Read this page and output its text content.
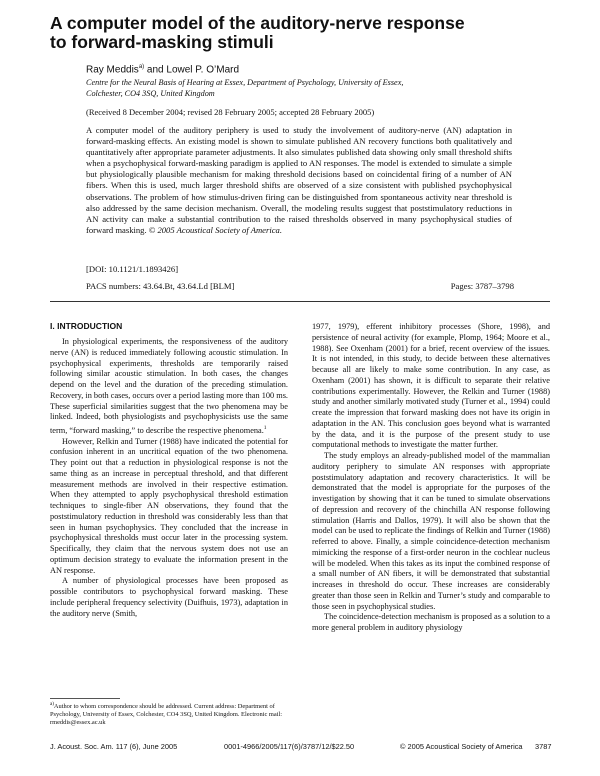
A computer model of the auditory-nerve response
to forward-masking stimuli
Ray Meddis$^{a)}$ and Lowel P. O’Mard
Centre for the Neural Basis of Hearing at Essex, Department of Psychology, University of Essex,
Colchester, CO4 3SQ, United Kingdom
(Received 8 December 2004; revised 28 February 2005; accepted 28 February 2005)
A computer model of the auditory periphery is used to study the involvement of auditory-nerve (AN) adaptation in forward-masking effects. An existing model is shown to simulate published AN recovery functions both qualitatively and quantitatively after appropriate parameter adjustments. It also simulates published data showing only small threshold shifts when a psychophysical forward-masking paradigm is applied to AN responses. The model is extended to simulate a simple but physiologically plausible mechanism for making threshold decisions based on coincidental firing of a number of AN fibers. When this is used, much larger threshold shifts are observed of a size consistent with published psychophysical observations. The problem of how stimulus-driven firing can be distinguished from spontaneous activity near threshold is also addressed by the same decision mechanism. Overall, the modeling results suggest that poststimulatory reductions in AN activity can make a substantial contribution to the raised thresholds observed in many psychophysical studies of forward masking. © 2005 Acoustical Society of America.
[DOI: 10.1121/1.1893426]
PACS numbers: 43.64.Bt, 43.64.Ld [BLM]	Pages: 3787–3798
I. INTRODUCTION

In physiological experiments, the responsiveness of the auditory nerve (AN) is reduced immediately following acoustic stimulation. In psychophysical experiments, thresholds are temporarily raised following similar acoustic stimulation. In both cases, the changes depend on the level and the duration of the preceding stimulation. Recovery, in both cases, occurs over a period lasting more than 100 ms. These superficial similarities suggest that the two phenomena may be linked. Indeed, both physiologists and psychophysicists use the same term, “forward masking,” to describe the respective phenomena.$^1$

However, Relkin and Turner (1988) have indicated the potential for confusion inherent in an uncritical equation of the two phenomena. They point out that a reduction in physiological response is not the same thing as an increase in perceptual threshold, and that different measurement methods are involved in their respective estimation. When they attempted to apply psychophysical threshold estimation techniques to single-fiber AN observations, they found that the poststimulatory reduction in threshold was considerably less than that seen in human psychophysics. They concluded that the increase in psychophysical thresholds must occur later in the processing system. Specifically, they claim that the nervous system does not use an optimum decision strategy to evaluate the information present in the AN response.

A number of physiological processes have been proposed as possible contributors to psychophysical forward masking. These include peripheral frequency selectivity (Duifhuis, 1973), adaptation in the auditory nerve (Smith,

1977, 1979), efferent inhibitory processes (Shore, 1998), and persistence of neural activity (for example, Plomp, 1964; Moore et al., 1988). See Oxenham (2001) for a brief, recent overview of the issues. It is not intended, in this study, to decide between these alternatives because all are likely to make some contribution. In any case, as Oxenham (2001) has shown, it is difficult to separate their relative contributions experimentally. However, the Relkin and Turner (1988) study and another similarly motivated study (Turner et al., 1994) could create the impression that forward masking does not have its origin in adaptation in the AN. This conclusion goes beyond what is warranted by the data, and it is the purpose of the present study to use computational methods to investigate the matter further.

The study employs an already-published model of the mammalian auditory periphery to simulate AN responses with appropriate poststimulatory adaptation and recovery characteristics. It will be demonstrated that the model is appropriate for the purposes of the investigation by showing that it can be tuned to simulate observations of depression and recovery of the chinchilla AN response following stimulation (Harris and Dallos, 1979). It will also be shown that the model can be used to replicate the findings of Relkin and Turner (1988) referred to above. Finally, a simple coincidence-detection mechanism mimicking the response of a first-order neuron in the cochlear nucleus will be modeled. When this takes as its input the combined response of a small number of AN fibers, it will be demonstrated that substantial increases in threshold do occur. These increases are considerably greater than those seen in Relkin and Turner’s study and comparable to those seen in psychophysical studies.

The coincidence-detection mechanism is proposed as a solution to a more general problem in auditory physiology

$^{a)}$Author to whom correspondence should be addressed. Current address: Department of Psychology, University of Essex, Colchester, CO4 3SQ, United Kingdom. Electronic mail: rmeddis@essex.ac.uk
J. Acoust. Soc. Am. 117 (6), June 2005	0001-4966/2005/117(6)/3787/12/$22.50	© 2005 Acoustical Society of America 3787
